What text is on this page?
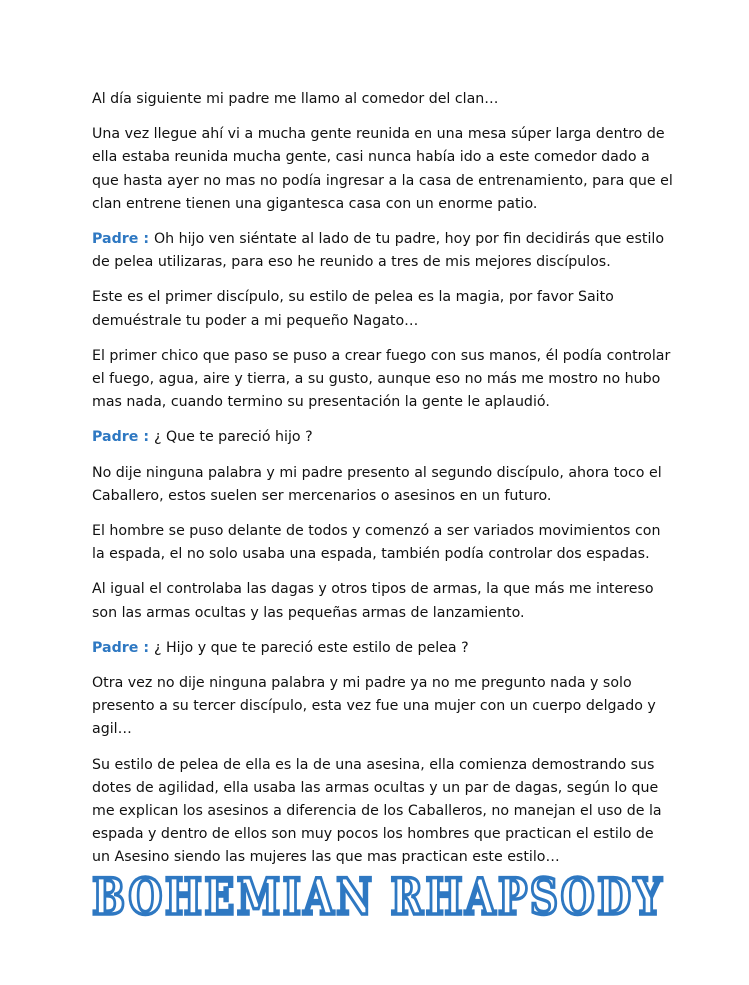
Al día siguiente mi padre me llamo al comedor del clan…

Una vez llegue ahí vi a mucha gente reunida en una mesa súper larga dentro de ella estaba reunida mucha gente, casi nunca había ido a este comedor dado a que hasta ayer no mas no podía ingresar a la casa de entrenamiento, para que el clan entrene tienen una gigantesca casa con un enorme patio.

Padre : Oh hijo ven siéntate al lado de tu padre, hoy por fin decidirás que estilo de pelea utilizaras, para eso he reunido a tres de mis mejores discípulos.

Este es el primer discípulo, su estilo de pelea es la magia, por favor Saito demuéstrale tu poder a mi pequeño Nagato…

El primer chico que paso se puso a crear fuego con sus manos, él podía controlar el fuego, agua, aire y tierra, a su gusto, aunque eso no más me mostro no hubo mas nada, cuando termino su presentación la gente le aplaudió.

Padre : ¿ Que te pareció hijo ?

No dije ninguna palabra y mi padre presento al segundo discípulo, ahora toco el Caballero, estos suelen ser mercenarios o asesinos en un futuro.

El hombre se puso delante de todos y comenzó a ser variados movimientos con la espada, el no solo usaba una espada, también podía controlar dos espadas.

Al igual el controlaba las dagas y otros tipos de armas, la que más me intereso son las armas ocultas y las pequeñas armas de lanzamiento.

Padre : ¿ Hijo y que te pareció este estilo de pelea ?

Otra vez no dije ninguna palabra y mi padre ya no me pregunto nada y solo presento a su tercer discípulo, esta vez fue una mujer con un cuerpo delgado y agil…

Su estilo de pelea de ella es la de una asesina, ella comienza demostrando sus dotes de agilidad, ella usaba las armas ocultas y un par de dagas, según lo que me explican los asesinos a diferencia de los Caballeros, no manejan el uso de la espada y dentro de ellos son muy pocos los hombres que practican el estilo de un Asesino siendo las mujeres las que mas practican este estilo…

BOHEMIAN RHAPSODY
